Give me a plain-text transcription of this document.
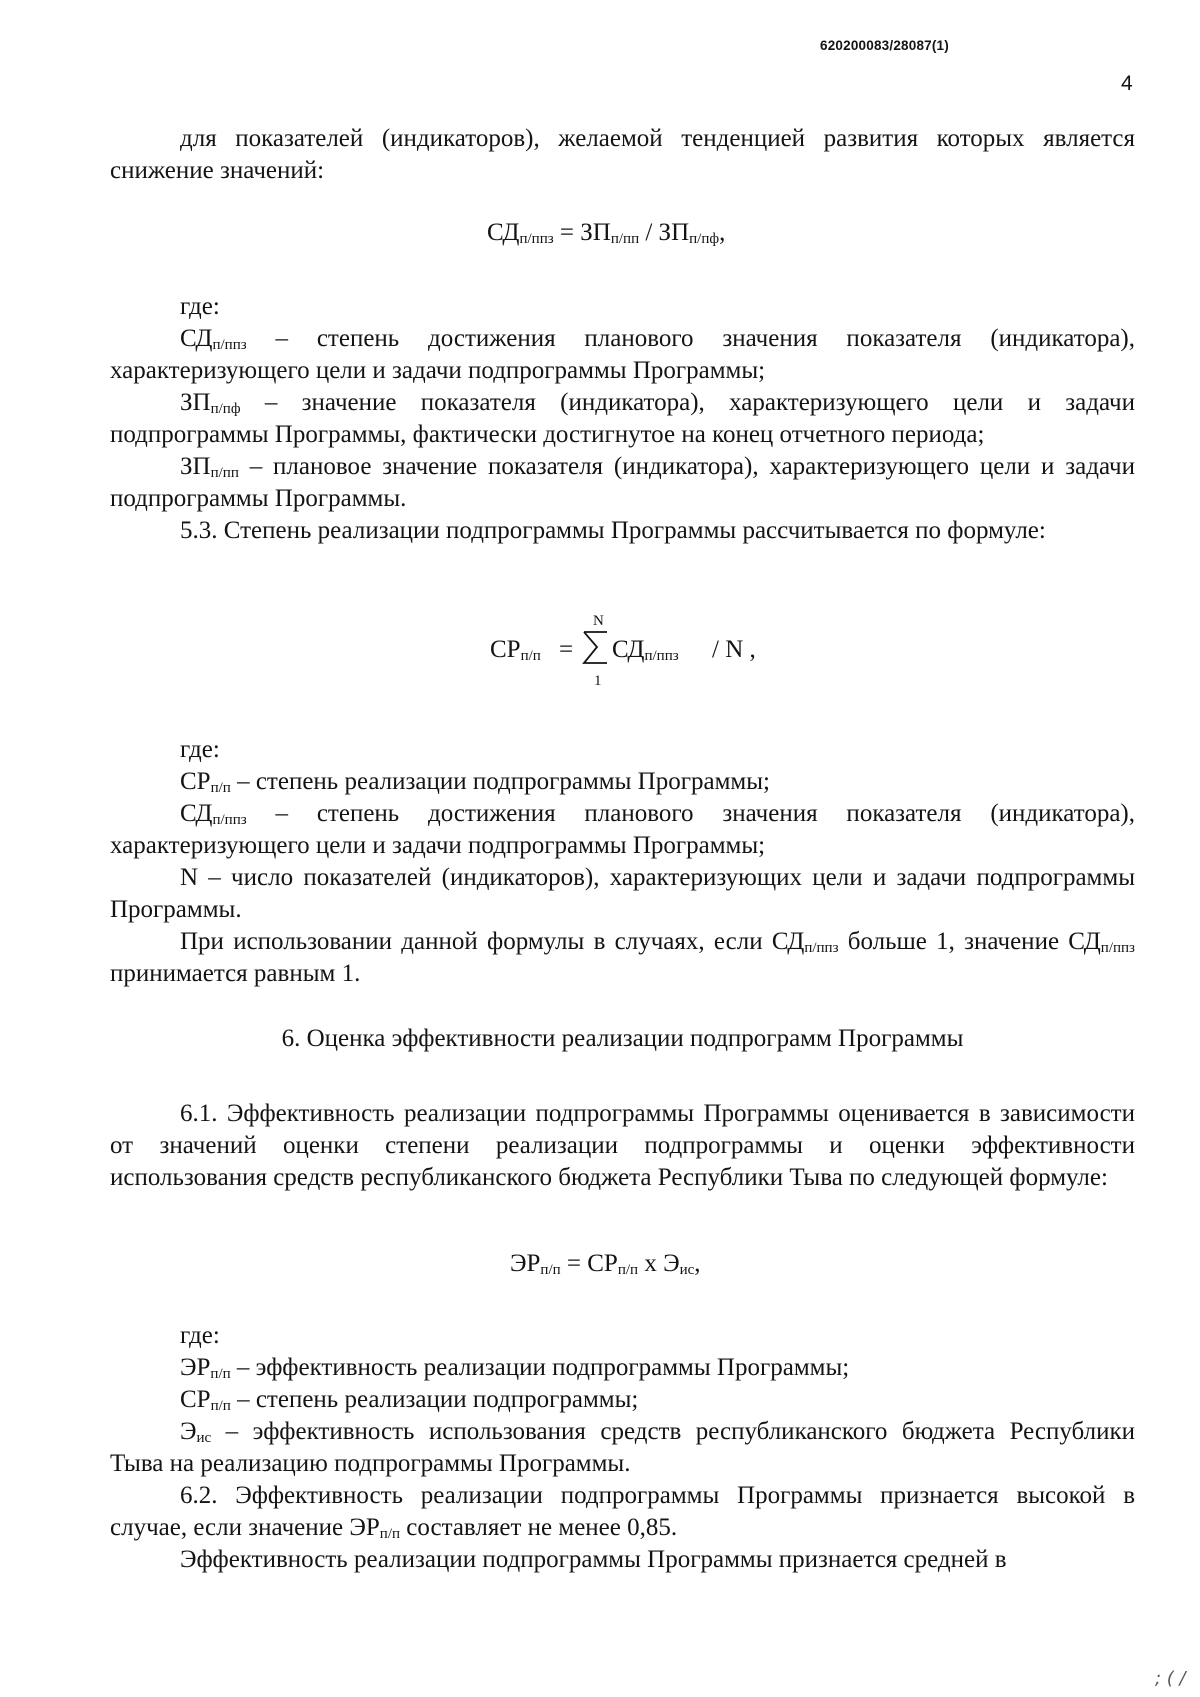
620200083/28087(1)
4

для показателей (индикаторов), желаемой тенденцией развития которых является снижение значений:

$СД_{п/ппз} = ЗП_{п/пп} / ЗП_{п/пф}$,

где:

$СД_{п/ппз}$ – степень достижения планового значения показателя (индикатора), характеризующего цели и задачи подпрограммы Программы;

$ЗП_{п/пф}$ – значение показателя (индикатора), характеризующего цели и задачи подпрограммы Программы, фактически достигнутое на конец отчетного периода;

$ЗП_{п/пп}$ – плановое значение показателя (индикатора), характеризующего цели и задачи подпрограммы Программы.

5.3. Степень реализации подпрограммы Программы рассчитывается по формуле:

$СР_{п/п}$ =
N
1
$СД_{п/ппз}$ / N ,

где:

$СР_{п/п}$ – степень реализации подпрограммы Программы;

$СД_{п/ппз}$ – степень достижения планового значения показателя (индикатора), характеризующего цели и задачи подпрограммы Программы;

N – число показателей (индикаторов), характеризующих цели и задачи подпрограммы Программы.

При использовании данной формулы в случаях, если $СД_{п/ппз}$ больше 1, значение $СД_{п/ппз}$ принимается равным 1.

6. Оценка эффективности реализации подпрограмм Программы

6.1. Эффективность реализации подпрограммы Программы оценивается в зависимости от значений оценки степени реализации подпрограммы и оценки эффективности использования средств республиканского бюджета Республики Тыва по следующей формуле:

$ЭР_{п/п} = СР_{п/п}$ х $Э_{ис}$,

где:

$ЭР_{п/п}$ – эффективность реализации подпрограммы Программы;

$СР_{п/п}$ – степень реализации подпрограммы;

$Э_{ис}$ – эффективность использования средств республиканского бюджета Республики Тыва на реализацию подпрограммы Программы.

6.2. Эффективность реализации подпрограммы Программы признается высокой в случае, если значение $ЭР_{п/п}$ составляет не менее 0,85.

Эффективность реализации подпрограммы Программы признается средней в

; ( /
